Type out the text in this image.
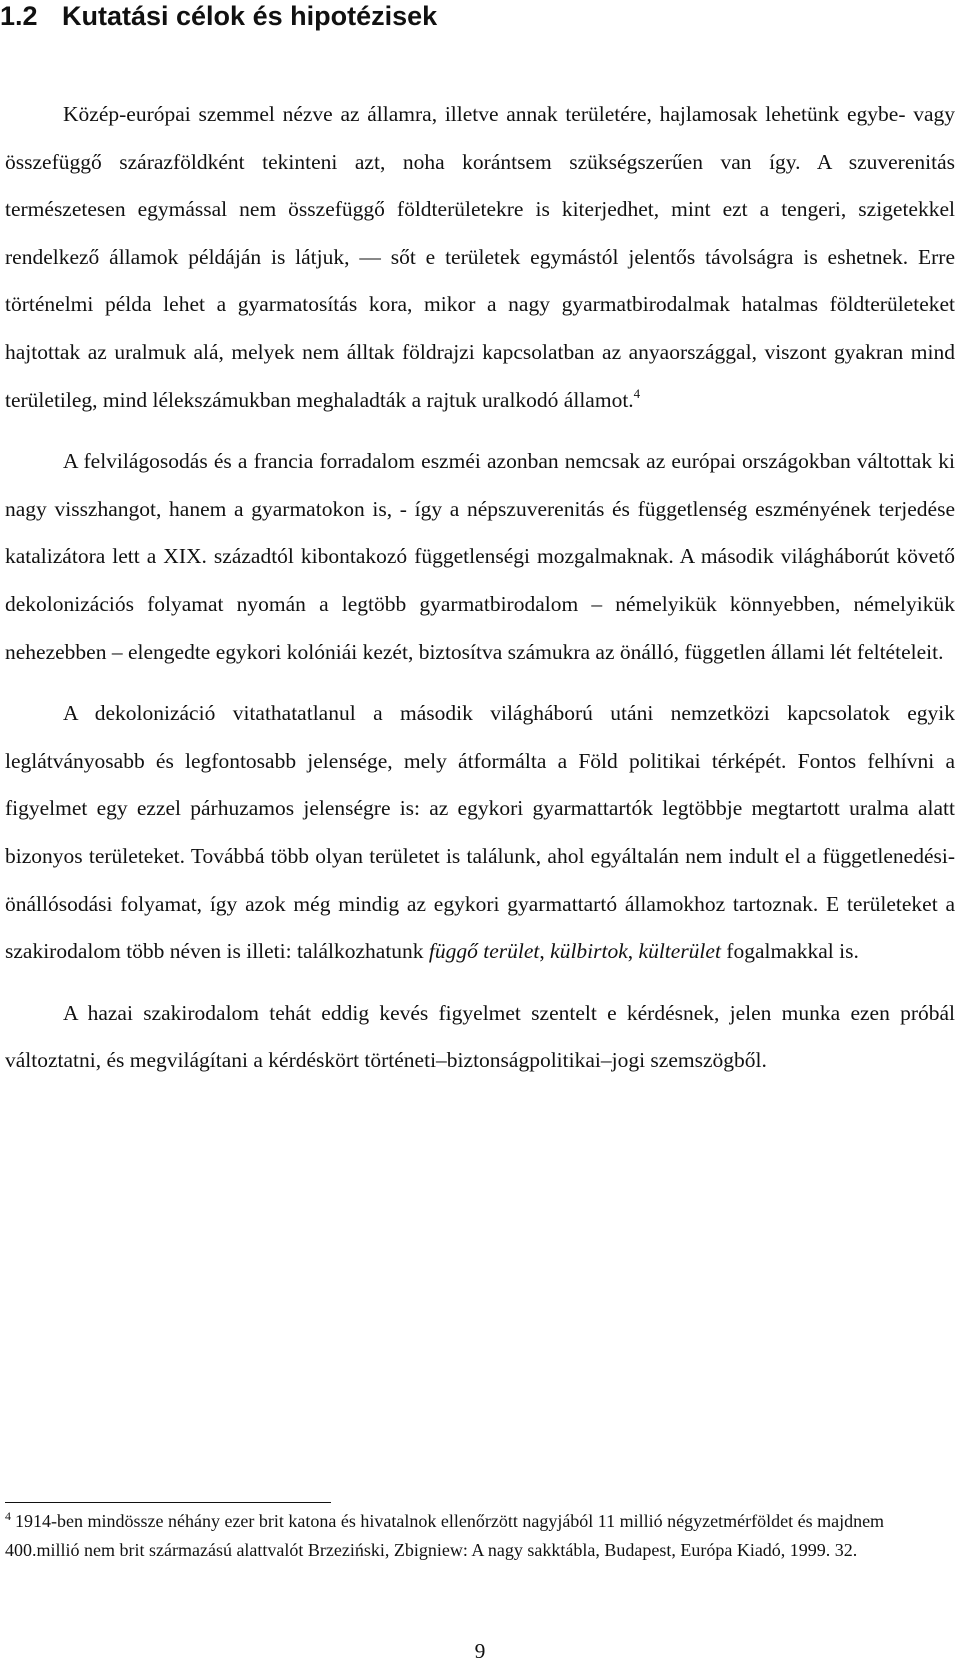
1.2 Kutatási célok és hipotézisek

Közép-európai szemmel nézve az államra, illetve annak területére, hajlamosak lehetünk egybe- vagy összefüggő szárazföldként tekinteni azt, noha korántsem szükségszerűen van így. A szuverenitás természetesen egymással nem összefüggő földterületekre is kiterjedhet, mint ezt a tengeri, szigetekkel rendelkező államok példáján is látjuk, ― sőt e területek egymástól jelentős távolságra is eshetnek. Erre történelmi példa lehet a gyarmatosítás kora, mikor a nagy gyarmatbirodalmak hatalmas földterületeket hajtottak az uralmuk alá, melyek nem álltak földrajzi kapcsolatban az anyaországgal, viszont gyakran mind területileg, mind lélekszámukban meghaladták a rajtuk uralkodó államot.$^4$

A felvilágosodás és a francia forradalom eszméi azonban nemcsak az európai országokban váltottak ki nagy visszhangot, hanem a gyarmatokon is, - így a népszuverenitás és függetlenség eszményének terjedése katalizátora lett a XIX. századtól kibontakozó függetlenségi mozgalmaknak. A második világháborút követő dekolonizációs folyamat nyomán a legtöbb gyarmatbirodalom – némelyikük könnyebben, némelyikük nehezebben – elengedte egykori kolóniái kezét, biztosítva számukra az önálló, független állami lét feltételeit.

A dekolonizáció vitathatatlanul a második világháború utáni nemzetközi kapcsolatok egyik leglátványosabb és legfontosabb jelensége, mely átformálta a Föld politikai térképét. Fontos felhívni a figyelmet egy ezzel párhuzamos jelenségre is: az egykori gyarmattartók legtöbbje megtartott uralma alatt bizonyos területeket. Továbbá több olyan területet is találunk, ahol egyáltalán nem indult el a függetlenedési-önállósodási folyamat, így azok még mindig az egykori gyarmattartó államokhoz tartoznak. E területeket a szakirodalom több néven is illeti: találkozhatunk függő terület, külbirtok, külterület fogalmakkal is.

A hazai szakirodalom tehát eddig kevés figyelmet szentelt e kérdésnek, jelen munka ezen próbál változtatni, és megvilágítani a kérdéskört történeti–biztonságpolitikai–jogi szemszögből.

$^4$ 1914-ben mindössze néhány ezer brit katona és hivatalnok ellenőrzött nagyjából 11 millió négyzetmérföldet és majdnem 400.millió nem brit származású alattvalót Brzeziński, Zbigniew: A nagy sakktábla, Budapest, Európa Kiadó, 1999. 32.

9
